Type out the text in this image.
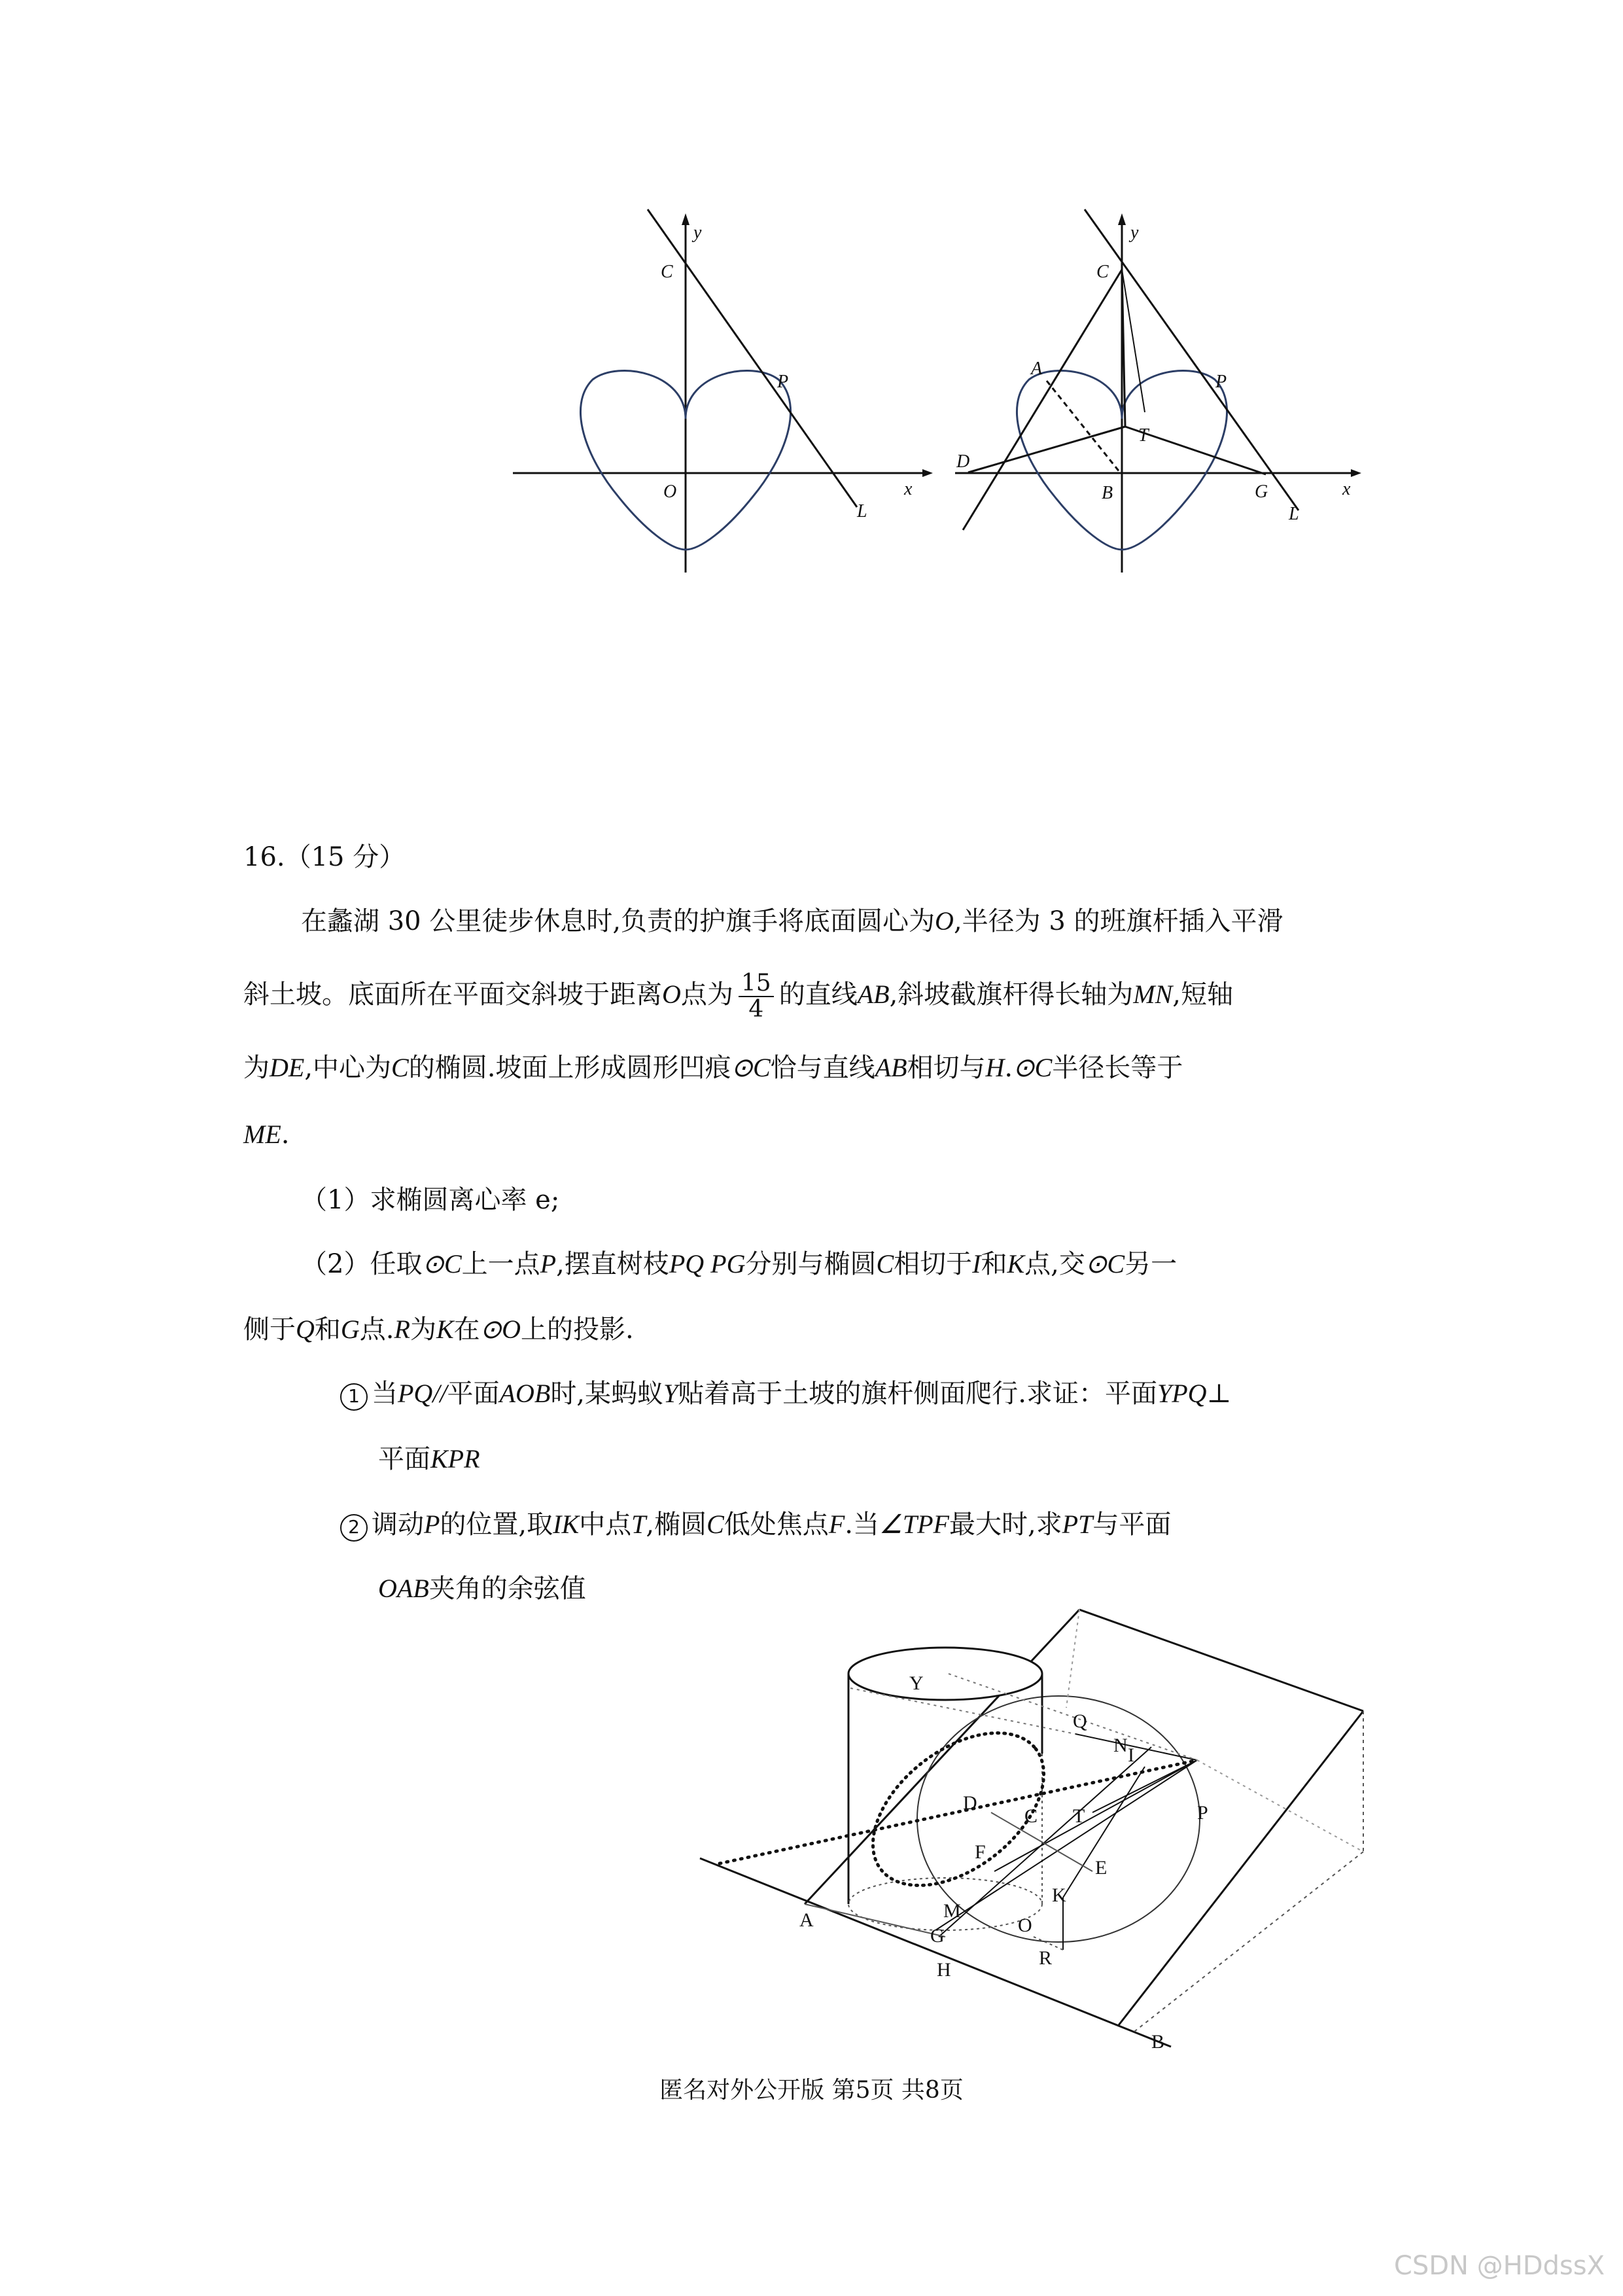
y
C
P
O	x
L
y
C
A
P
T
D
B	G	x
L
16.（15 分）
在蠡湖 30 公里徒步休息时,负责的护旗手将底面圆心为O,半径为 3 的班旗杆插入平滑
斜土坡。底面所在平面交斜坡于距离O点为 $\frac{15}{4}$ 的直线AB,斜坡截旗杆得长轴为MN,短轴
为DE,中心为C的椭圆.坡面上形成圆形凹痕⊙C恰与直线AB相切与H.⊙C半径长等于
ME.
（1）求椭圆离心率 e;
（2）任取⊙C上一点P,摆直树枝PQ PG分别与椭圆C相切于I和K点,交⊙C另一
侧于Q和G点.R为K在⊙O上的投影.
1 当PQ//平面AOB时,某蚂蚁Y贴着高于土坡的旗杆侧面爬行.求证：平面YPQ⊥
平面KPR
2 调动P的位置,取IK中点T,椭圆C低处焦点F.当∠TPF最大时,求PT与平面
OAB夹角的余弦值
Y
Q
N I
D
C T	P
F
E
K
M
O
G
R
A
H
B
匿名对外公开版 第5页 共8页
CSDN @HDdssX
